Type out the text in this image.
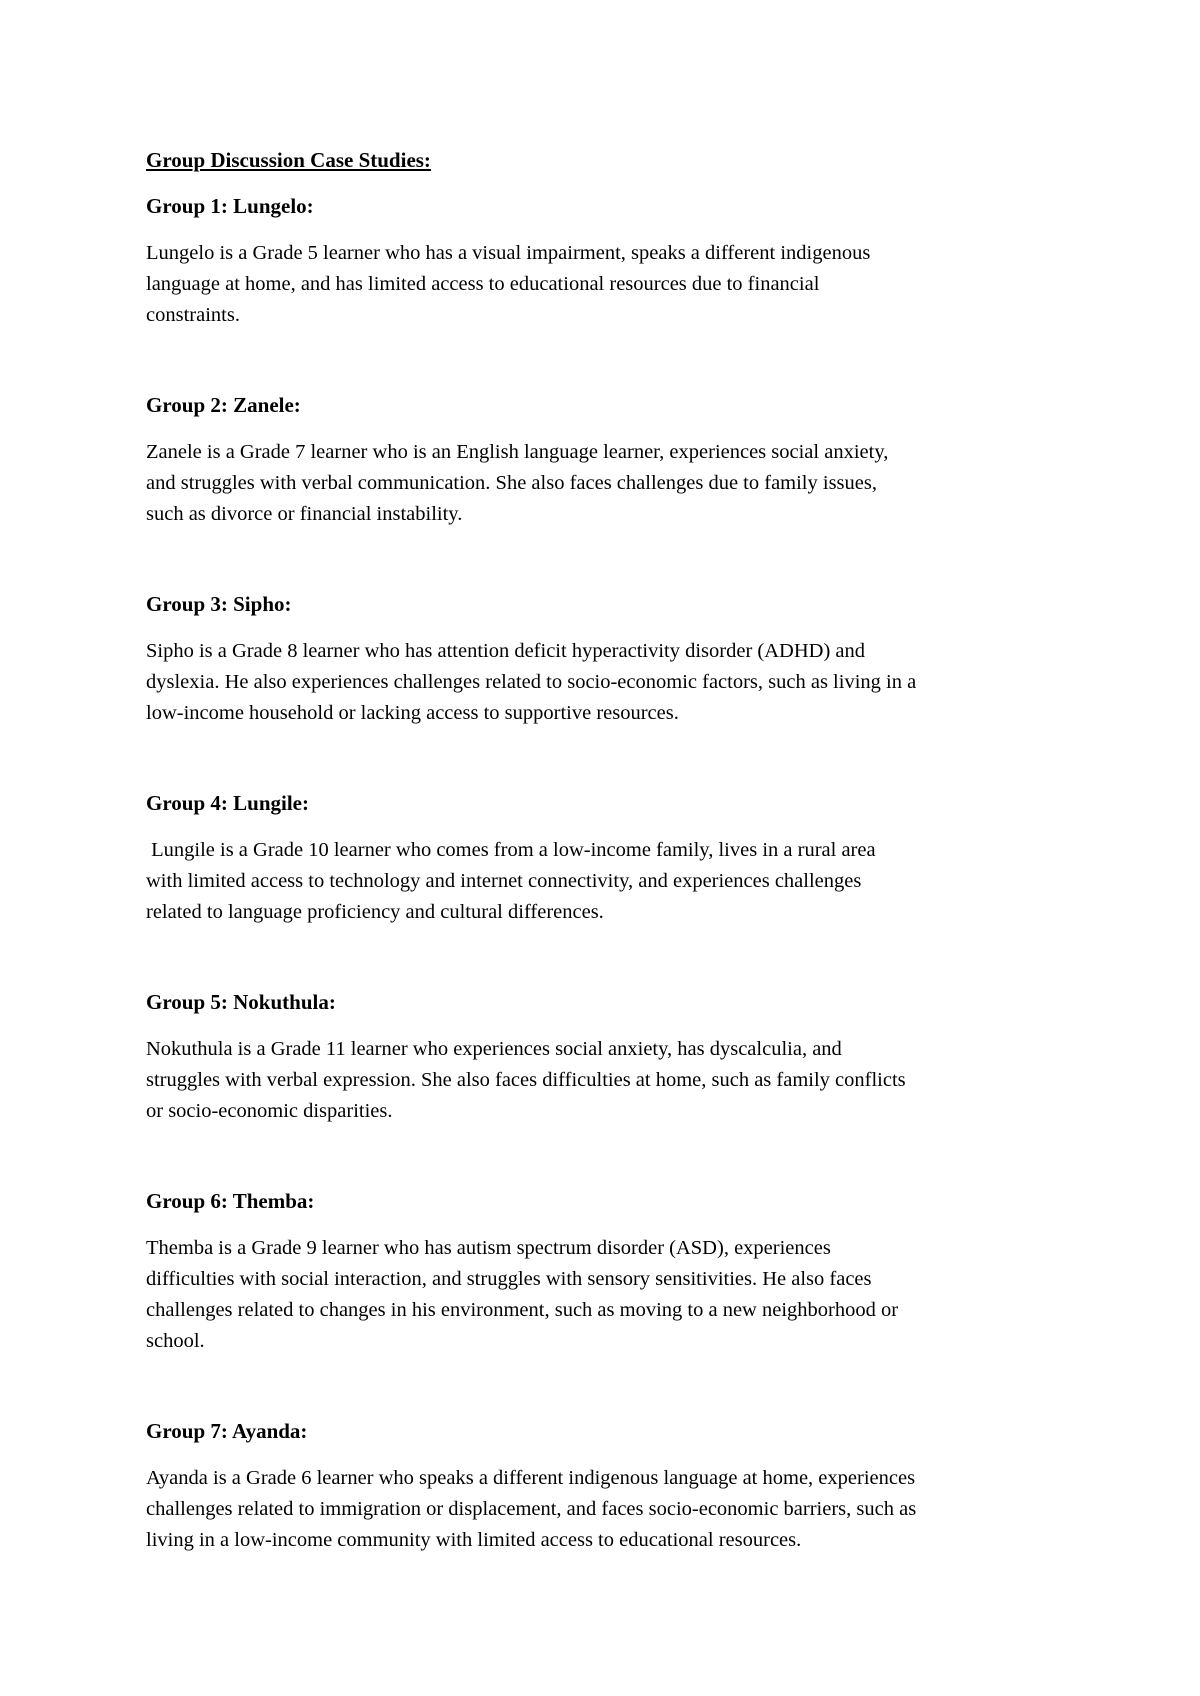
Group Discussion Case Studies:
Group 1: Lungelo:
Lungelo is a Grade 5 learner who has a visual impairment, speaks a different indigenous
language at home, and has limited access to educational resources due to financial
constraints.
Group 2: Zanele:
Zanele is a Grade 7 learner who is an English language learner, experiences social anxiety,
and struggles with verbal communication. She also faces challenges due to family issues,
such as divorce or financial instability.
Group 3: Sipho:
Sipho is a Grade 8 learner who has attention deficit hyperactivity disorder (ADHD) and
dyslexia. He also experiences challenges related to socio-economic factors, such as living in a
low-income household or lacking access to supportive resources.
Group 4: Lungile:
Lungile is a Grade 10 learner who comes from a low-income family, lives in a rural area
with limited access to technology and internet connectivity, and experiences challenges
related to language proficiency and cultural differences.
Group 5: Nokuthula:
Nokuthula is a Grade 11 learner who experiences social anxiety, has dyscalculia, and
struggles with verbal expression. She also faces difficulties at home, such as family conflicts
or socio-economic disparities.
Group 6: Themba:
Themba is a Grade 9 learner who has autism spectrum disorder (ASD), experiences
difficulties with social interaction, and struggles with sensory sensitivities. He also faces
challenges related to changes in his environment, such as moving to a new neighborhood or
school.
Group 7: Ayanda:
Ayanda is a Grade 6 learner who speaks a different indigenous language at home, experiences
challenges related to immigration or displacement, and faces socio-economic barriers, such as
living in a low-income community with limited access to educational resources.
